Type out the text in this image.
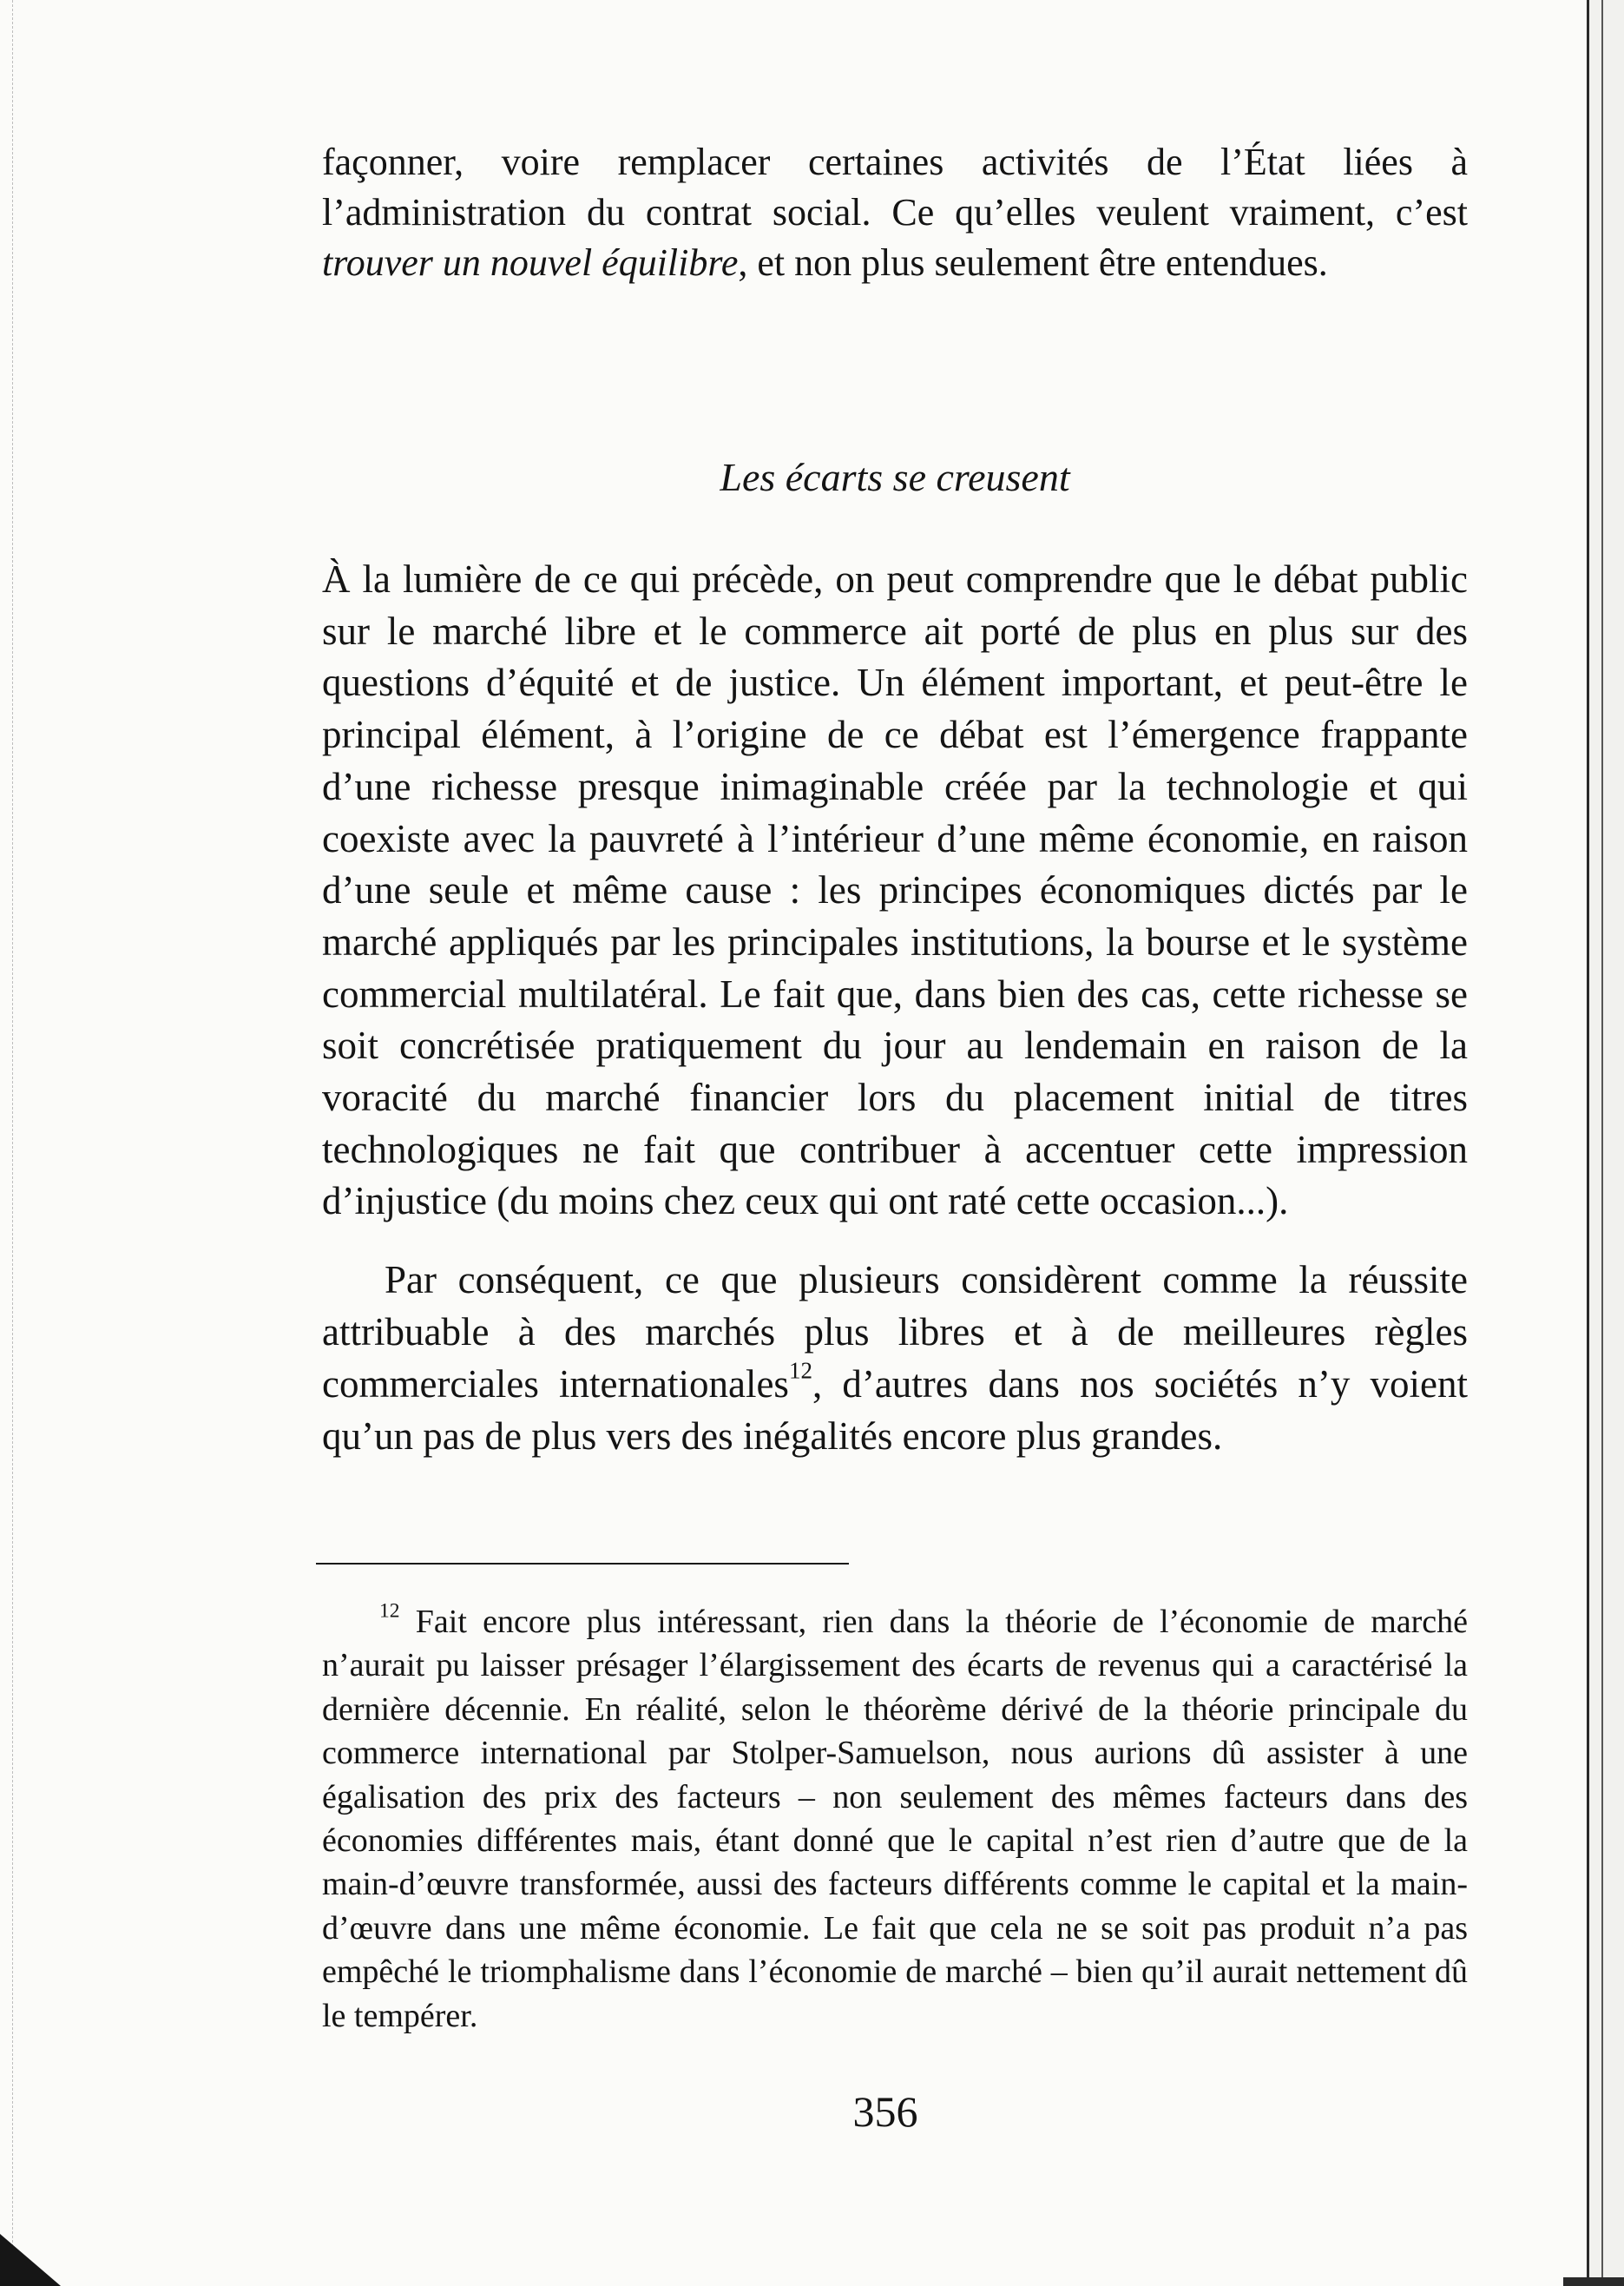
façonner, voire remplacer certaines activités de l’État liées à l’administration du contrat social. Ce qu’elles veulent vraiment, c’est trouver un nouvel équilibre, et non plus seulement être entendues.

Les écarts se creusent

À la lumière de ce qui précède, on peut comprendre que le débat public sur le marché libre et le commerce ait porté de plus en plus sur des questions d’équité et de justice. Un élément important, et peut-être le principal élément, à l’origine de ce débat est l’émergence frappante d’une richesse presque inimaginable créée par la technologie et qui coexiste avec la pauvreté à l’intérieur d’une même économie, en raison d’une seule et même cause : les principes économiques dictés par le marché appliqués par les principales institutions, la bourse et le système commercial multilatéral. Le fait que, dans bien des cas, cette richesse se soit concrétisée pratiquement du jour au lendemain en raison de la voracité du marché financier lors du placement initial de titres technologiques ne fait que contribuer à accentuer cette impression d’injustice (du moins chez ceux qui ont raté cette occasion...).

Par conséquent, ce que plusieurs considèrent comme la réussite attribuable à des marchés plus libres et à de meilleures règles commerciales internationales$^{12}$, d’autres dans nos sociétés n’y voient qu’un pas de plus vers des inégalités encore plus grandes.

$^{12}$ Fait encore plus intéressant, rien dans la théorie de l’économie de marché n’aurait pu laisser présager l’élargissement des écarts de revenus qui a caractérisé la dernière décennie. En réalité, selon le théorème dérivé de la théorie principale du commerce international par Stolper-Samuelson, nous aurions dû assister à une égalisation des prix des facteurs – non seulement des mêmes facteurs dans des économies différentes mais, étant donné que le capital n’est rien d’autre que de la main-d’œuvre transformée, aussi des facteurs différents comme le capital et la main-d’œuvre dans une même économie. Le fait que cela ne se soit pas produit n’a pas empêché le triomphalisme dans l’économie de marché – bien qu’il aurait nettement dû le tempérer.

356
